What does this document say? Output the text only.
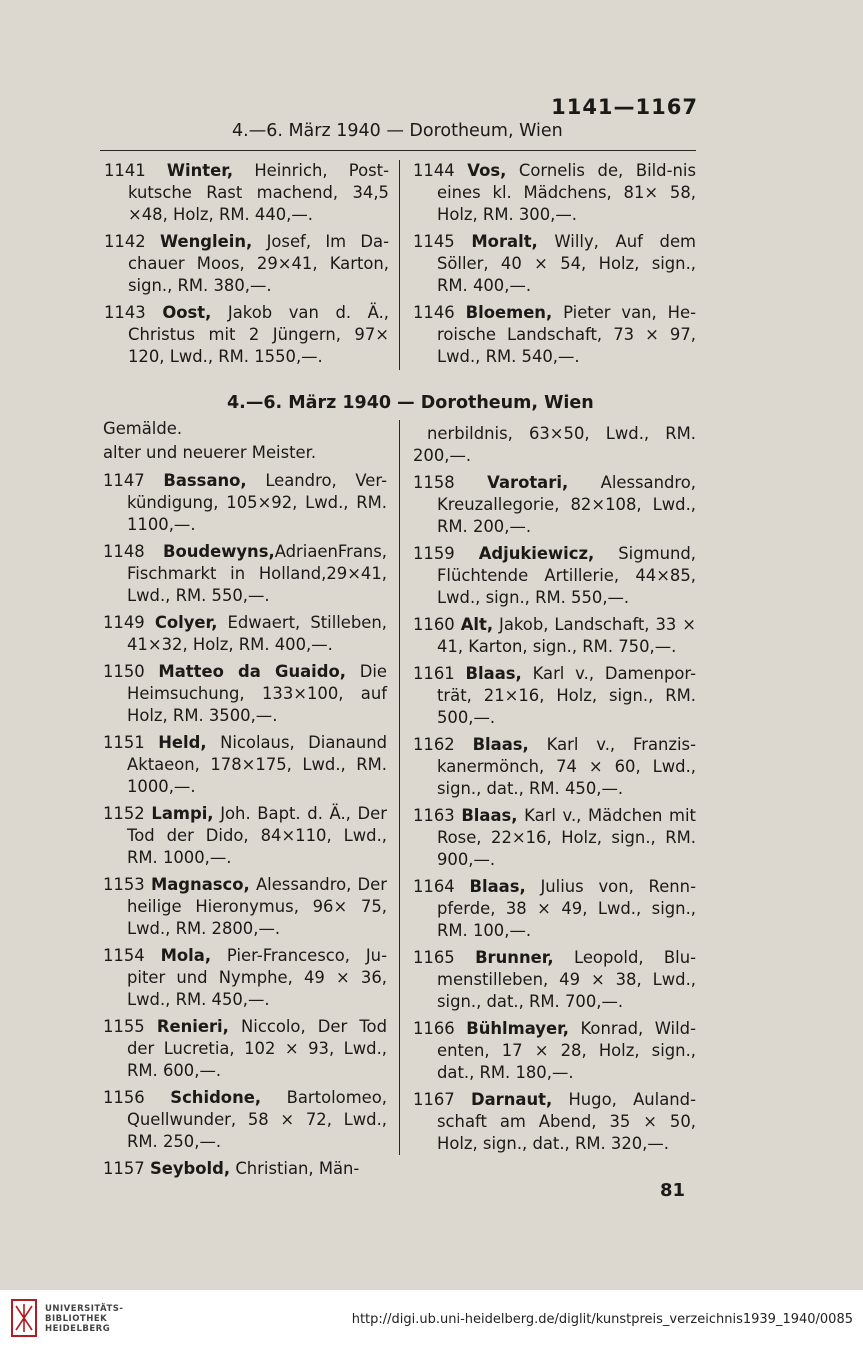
1141—1167
4.—6. März 1940 — Dorotheum, Wien
1141 Winter, Heinrich, Post-kutsche Rast machend, 34,5 ×48, Holz, RM. 440,—.
1142 Wenglein, Josef, Im Da-chauer Moos, 29×41, Karton, sign., RM. 380,—.
1143 Oost, Jakob van d. Ä., Christus mit 2 Jüngern, 97× 120, Lwd., RM. 1550,—.
1144 Vos, Cornelis de, Bild-nis eines kl. Mädchens, 81× 58, Holz, RM. 300,—.
1145 Moralt, Willy, Auf dem Söller, 40 × 54, Holz, sign., RM. 400,—.
1146 Bloemen, Pieter van, He-roische Landschaft, 73 × 97, Lwd., RM. 540,—.
4.—6. März 1940 — Dorotheum, Wien
Gemälde.
alter und neuerer Meister.
1147 Bassano, Leandro, Ver-kündigung, 105×92, Lwd., RM. 1100,—.
1148 Boudewyns,AdriaenFrans, Fischmarkt in Holland,29×41, Lwd., RM. 550,—.
1149 Colyer, Edwaert, Stilleben, 41×32, Holz, RM. 400,—.
1150 Matteo da Guaido, Die Heimsuchung, 133×100, auf Holz, RM. 3500,—.
1151 Held, Nicolaus, Dianaund Aktaeon, 178×175, Lwd., RM. 1000,—.
1152 Lampi, Joh. Bapt. d. Ä., Der Tod der Dido, 84×110, Lwd., RM. 1000,—.
1153 Magnasco, Alessandro, Der heilige Hieronymus, 96× 75, Lwd., RM. 2800,—.
1154 Mola, Pier-Francesco, Ju-piter und Nymphe, 49 × 36, Lwd., RM. 450,—.
1155 Renieri, Niccolo, Der Tod der Lucretia, 102 × 93, Lwd., RM. 600,—.
1156 Schidone, Bartolomeo, Quellwunder, 58 × 72, Lwd., RM. 250,—.
1157 Seybold, Christian, Män-
nerbildnis, 63×50, Lwd., RM. 200,—.
1158 Varotari, Alessandro, Kreuzallegorie, 82×108, Lwd., RM. 200,—.
1159 Adjukiewicz, Sigmund, Flüchtende Artillerie, 44×85, Lwd., sign., RM. 550,—.
1160 Alt, Jakob, Landschaft, 33 × 41, Karton, sign., RM. 750,—.
1161 Blaas, Karl v., Damenpor-trät, 21×16, Holz, sign., RM. 500,—.
1162 Blaas, Karl v., Franzis-kanermönch, 74 × 60, Lwd., sign., dat., RM. 450,—.
1163 Blaas, Karl v., Mädchen mit Rose, 22×16, Holz, sign., RM. 900,—.
1164 Blaas, Julius von, Renn-pferde, 38 × 49, Lwd., sign., RM. 100,—.
1165 Brunner, Leopold, Blu-menstilleben, 49 × 38, Lwd., sign., dat., RM. 700,—.
1166 Bühlmayer, Konrad, Wild-enten, 17 × 28, Holz, sign., dat., RM. 180,—.
1167 Darnaut, Hugo, Auland-schaft am Abend, 35 × 50, Holz, sign., dat., RM. 320,—.
81
UNIVERSITÄTS-
BIBLIOTHEK
HEIDELBERG
http://digi.ub.uni-heidelberg.de/diglit/kunstpreis_verzeichnis1939_1940/0085
